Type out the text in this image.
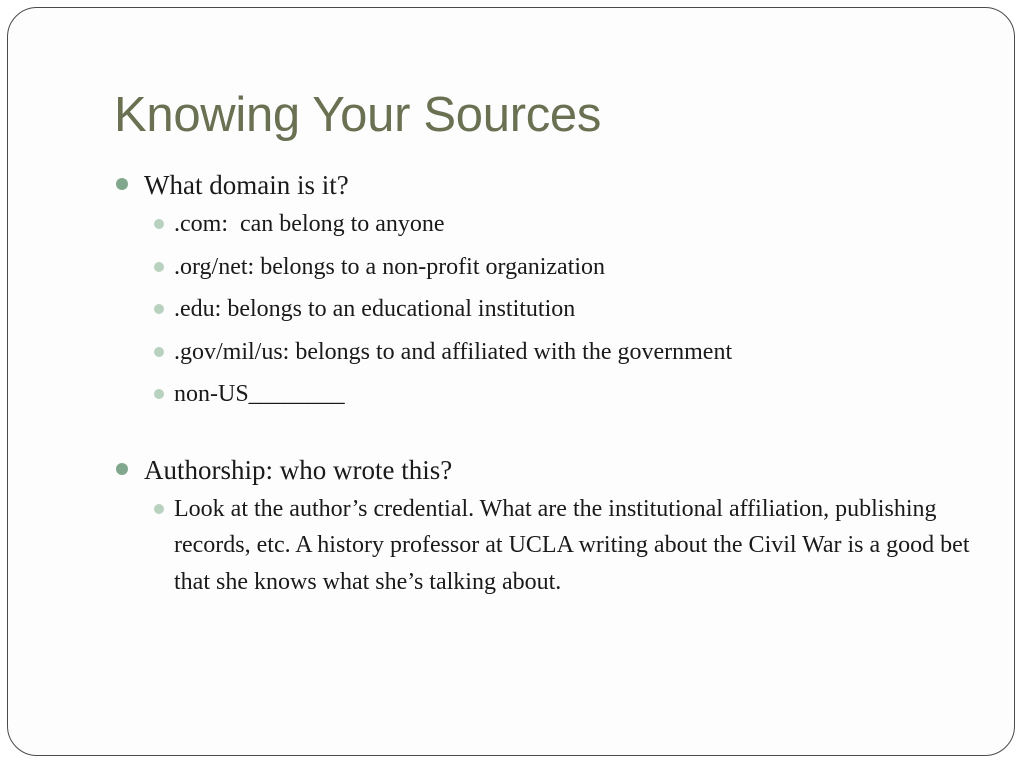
Knowing Your Sources
What domain is it?
.com:  can belong to anyone
.org/net: belongs to a non-profit organization
.edu: belongs to an educational institution
.gov/mil/us: belongs to and affiliated with the government
non-US________
Authorship: who wrote this?
Look at the author’s credential. What are the institutional affiliation, publishing records, etc. A history professor at UCLA writing about the Civil War is a good bet that she knows what she’s talking about.
